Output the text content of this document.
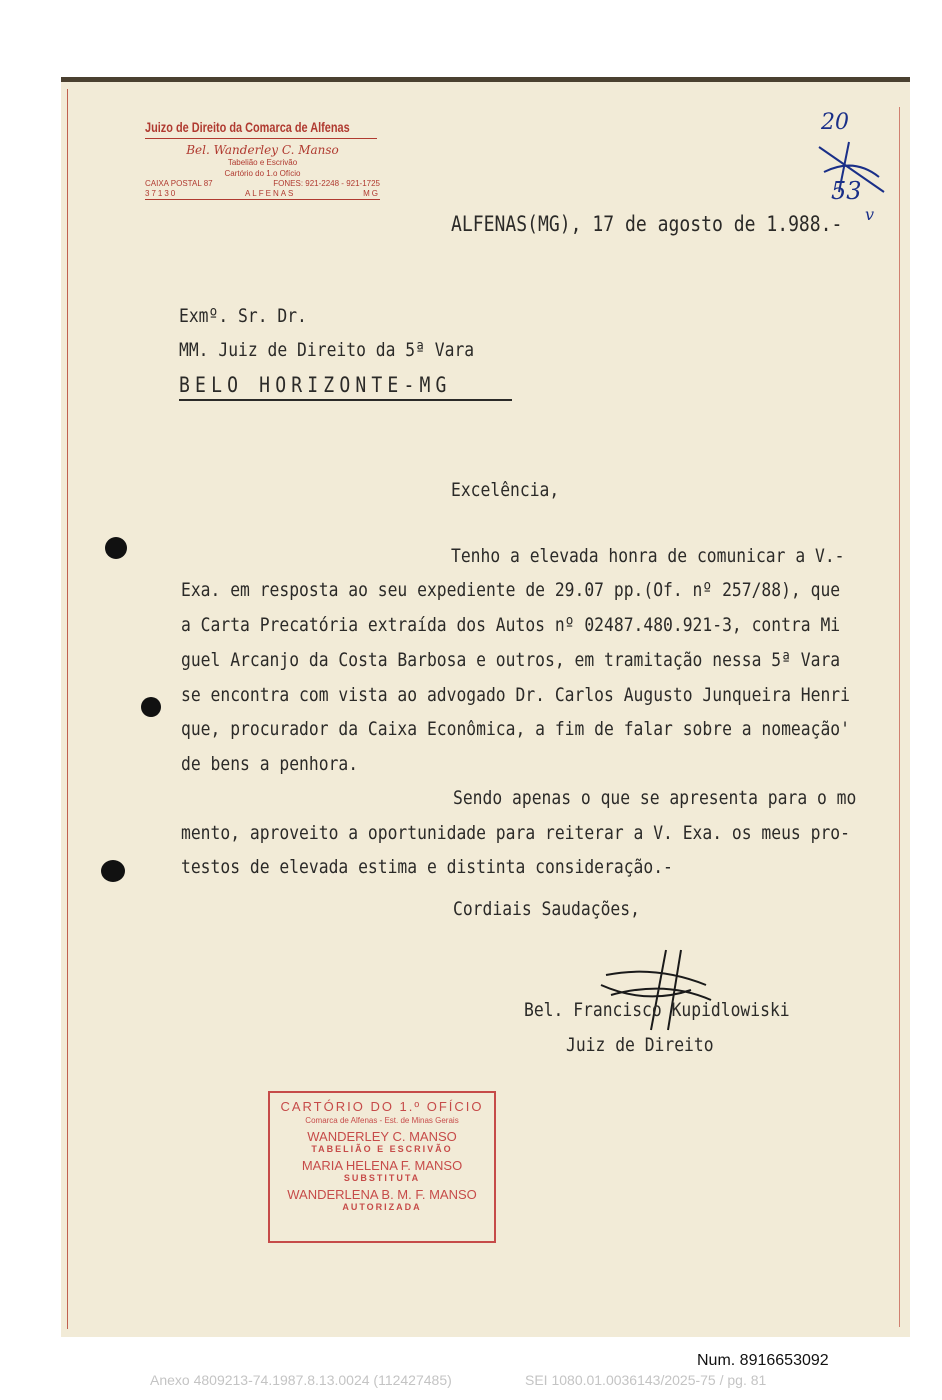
Juizo de Direito da Comarca de Alfenas
Bel. Wanderley C. Manso
Tabelião e Escrivão
Cartório do 1.o Ofício
CAIXA POSTAL 87	FONES: 921-2248 - 921-1725
37130	ALFENAS	MG
20
53
v
ALFENAS(MG), 17 de agosto de 1.988.-
Exmº. Sr. Dr.
MM. Juiz de Direito da 5ª Vara
BELO HORIZONTE-MG
Excelência,
Tenho a elevada honra de comunicar a V.-
Exa. em resposta ao seu expediente de 29.07 pp.(Of. nº 257/88), que
a Carta Precatória extraída dos Autos nº 02487.480.921-3, contra Mi
guel Arcanjo da Costa Barbosa e outros, em tramitação nessa 5ª Vara
se encontra com vista ao advogado Dr. Carlos Augusto Junqueira Henri
que, procurador da Caixa Econômica, a fim de falar sobre a nomeação'
de bens a penhora.
Sendo apenas o que se apresenta para o mo
mento, aproveito a oportunidade para reiterar a V. Exa. os meus pro-
testos de elevada estima e distinta consideração.-
Cordiais Saudações,
Bel. Francisco Kupidlowiski
Juiz de Direito
CARTÓRIO DO 1.º OFÍCIO
Comarca de Alfenas - Est. de Minas Gerais
WANDERLEY C. MANSO
TABELIÃO E ESCRIVÃO
MARIA HELENA F. MANSO
SUBSTITUTA
WANDERLENA B. M. F. MANSO
AUTORIZADA
Num. 8916653092
Anexo 4809213-74.1987.8.13.0024 (112427485)	SEI 1080.01.0036143/2025-75 / pg. 81
